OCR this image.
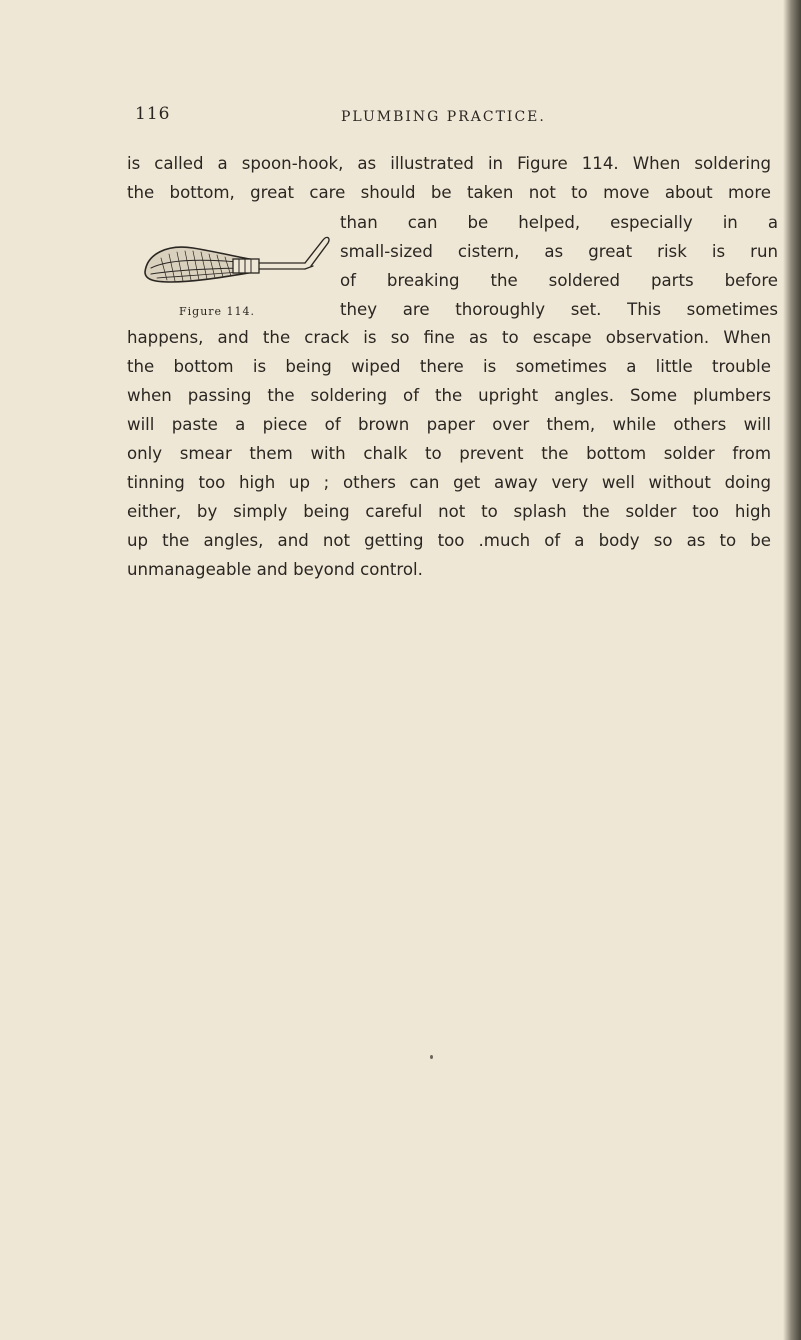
116	PLUMBING PRACTICE.
is called a spoon-hook, as illustrated in Figure 114. When soldering
the bottom, great care should be taken not to move about more
than can be helped, especially in a
small-sized cistern, as great risk is run
of breaking the soldered parts before
they are thoroughly set. This sometimes
happens, and the crack is so fine as to escape observation. When
the bottom is being wiped there is sometimes a little trouble
when passing the soldering of the upright angles. Some plumbers
will paste a piece of brown paper over them, while others will
only smear them with chalk to prevent the bottom solder from
tinning too high up ; others can get away very well without doing
either, by simply being careful not to splash the solder too high
up the angles, and not getting too .much of a body so as to be
unmanageable and beyond control.
Figure 114.
